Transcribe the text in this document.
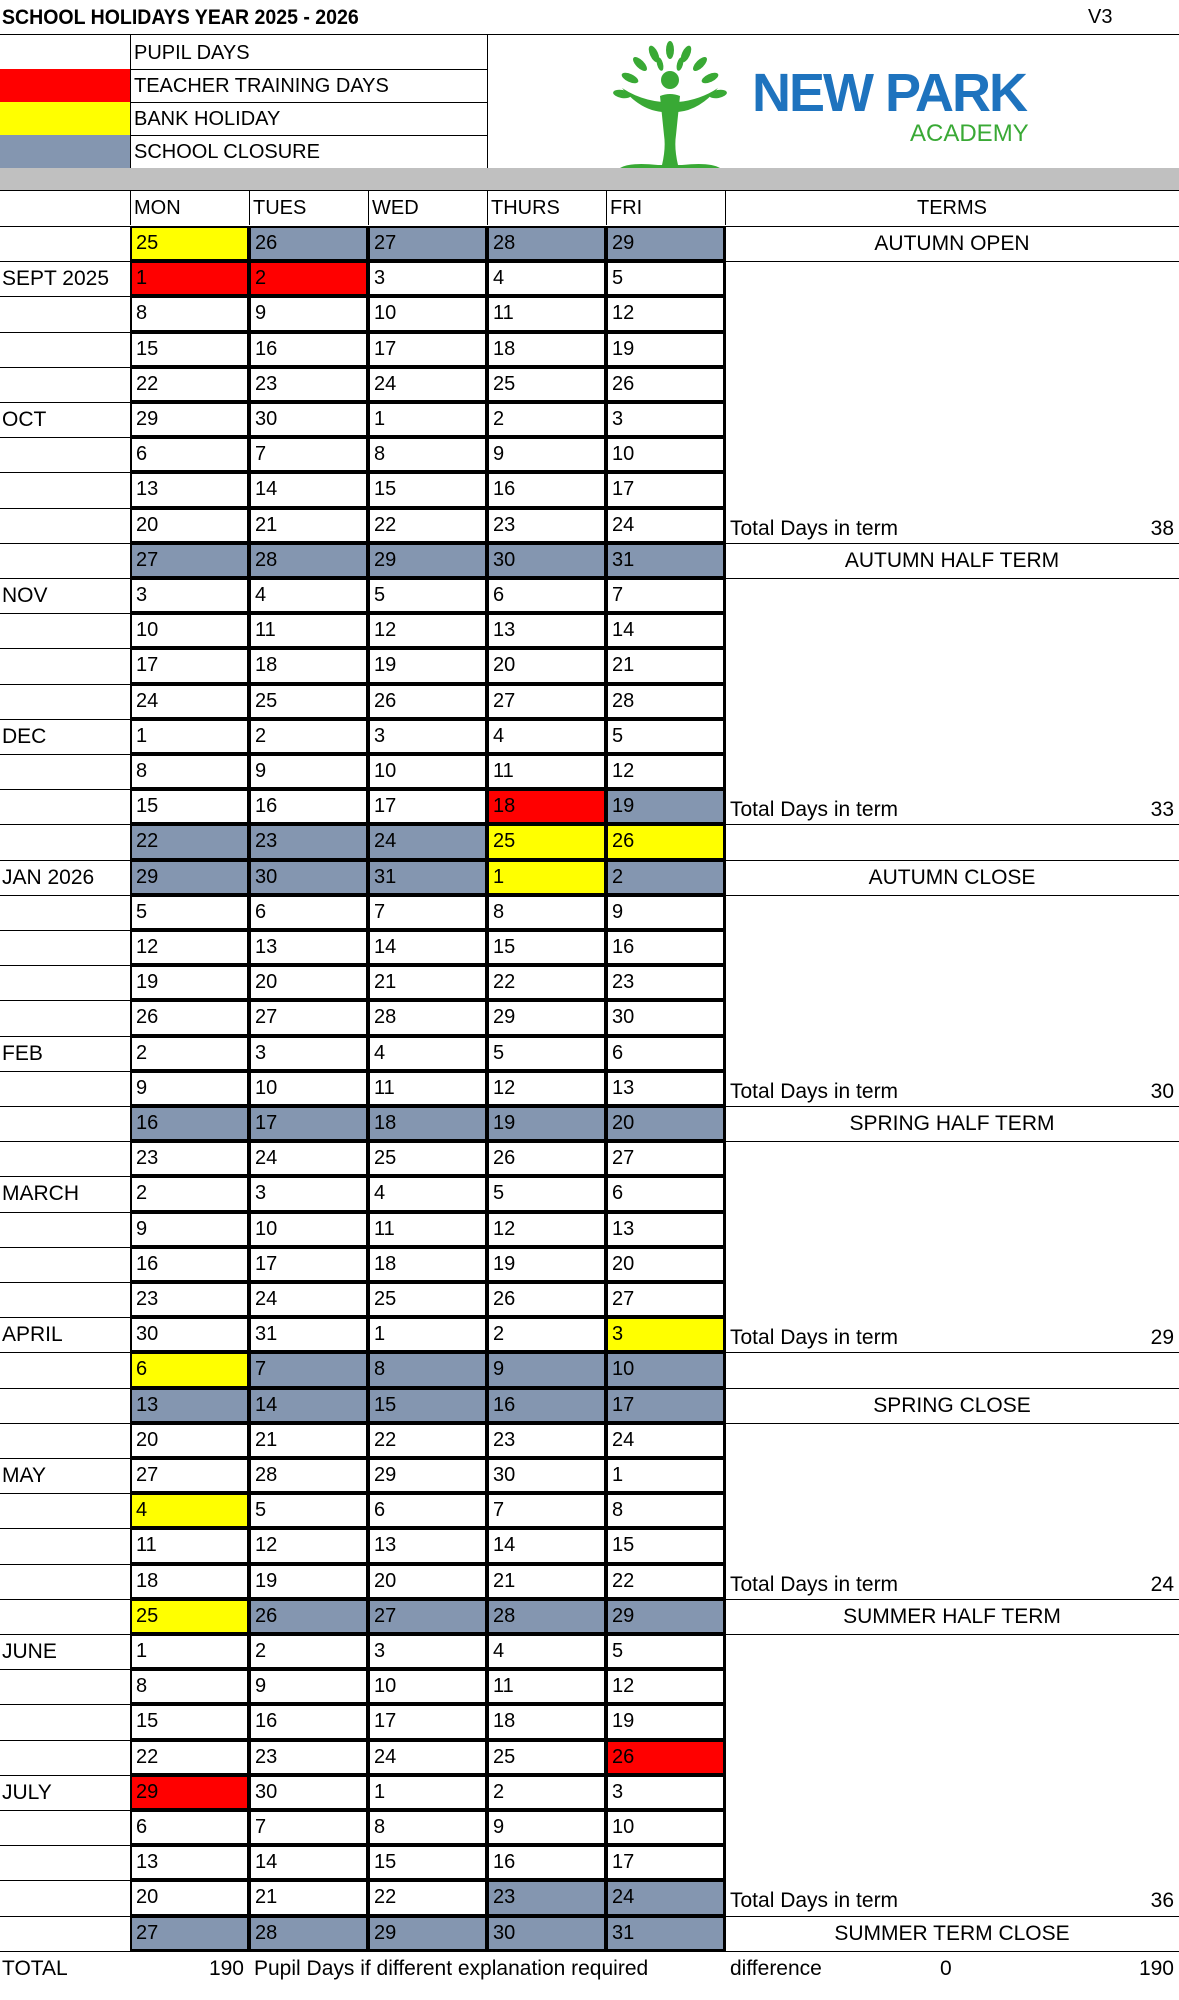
SCHOOL HOLIDAYS YEAR 2025 - 2026	V3
PUPIL DAYS
TEACHER TRAINING DAYS
BANK HOLIDAY
SCHOOL CLOSURE
NEW PARK
ACADEMY
MON	TUES	WED	THURS	FRI	TERMS
25	26	27	28	29	AUTUMN OPEN
SEPT 2025	1	2	3	4	5
8	9	10	11	12
15	16	17	18	19
22	23	24	25	26
OCT	29	30	1	2	3
6	7	8	9	10
13	14	15	16	17
20	21	22	23	24	Total Days in term	38
27	28	29	30	31	AUTUMN HALF TERM
NOV	3	4	5	6	7
10	11	12	13	14
17	18	19	20	21
24	25	26	27	28
DEC	1	2	3	4	5
8	9	10	11	12
15	16	17	18	19	Total Days in term	33
22	23	24	25	26
JAN 2026	29	30	31	1	2	AUTUMN CLOSE
5	6	7	8	9
12	13	14	15	16
19	20	21	22	23
26	27	28	29	30
FEB	2	3	4	5	6
9	10	11	12	13	Total Days in term	30
16	17	18	19	20	SPRING HALF TERM
23	24	25	26	27
MARCH	2	3	4	5	6
9	10	11	12	13
16	17	18	19	20
23	24	25	26	27
APRIL	30	31	1	2	3	Total Days in term	29
6	7	8	9	10
13	14	15	16	17	SPRING CLOSE
20	21	22	23	24
MAY	27	28	29	30	1
4	5	6	7	8
11	12	13	14	15
18	19	20	21	22	Total Days in term	24
25	26	27	28	29	SUMMER HALF TERM
JUNE	1	2	3	4	5
8	9	10	11	12
15	16	17	18	19
22	23	24	25	26
JULY	29	30	1	2	3
6	7	8	9	10
13	14	15	16	17
20	21	22	23	24	Total Days in term	36
27	28	29	30	31	SUMMER TERM CLOSE
TOTAL	190 Pupil Days if different explanation required	difference	0	190
